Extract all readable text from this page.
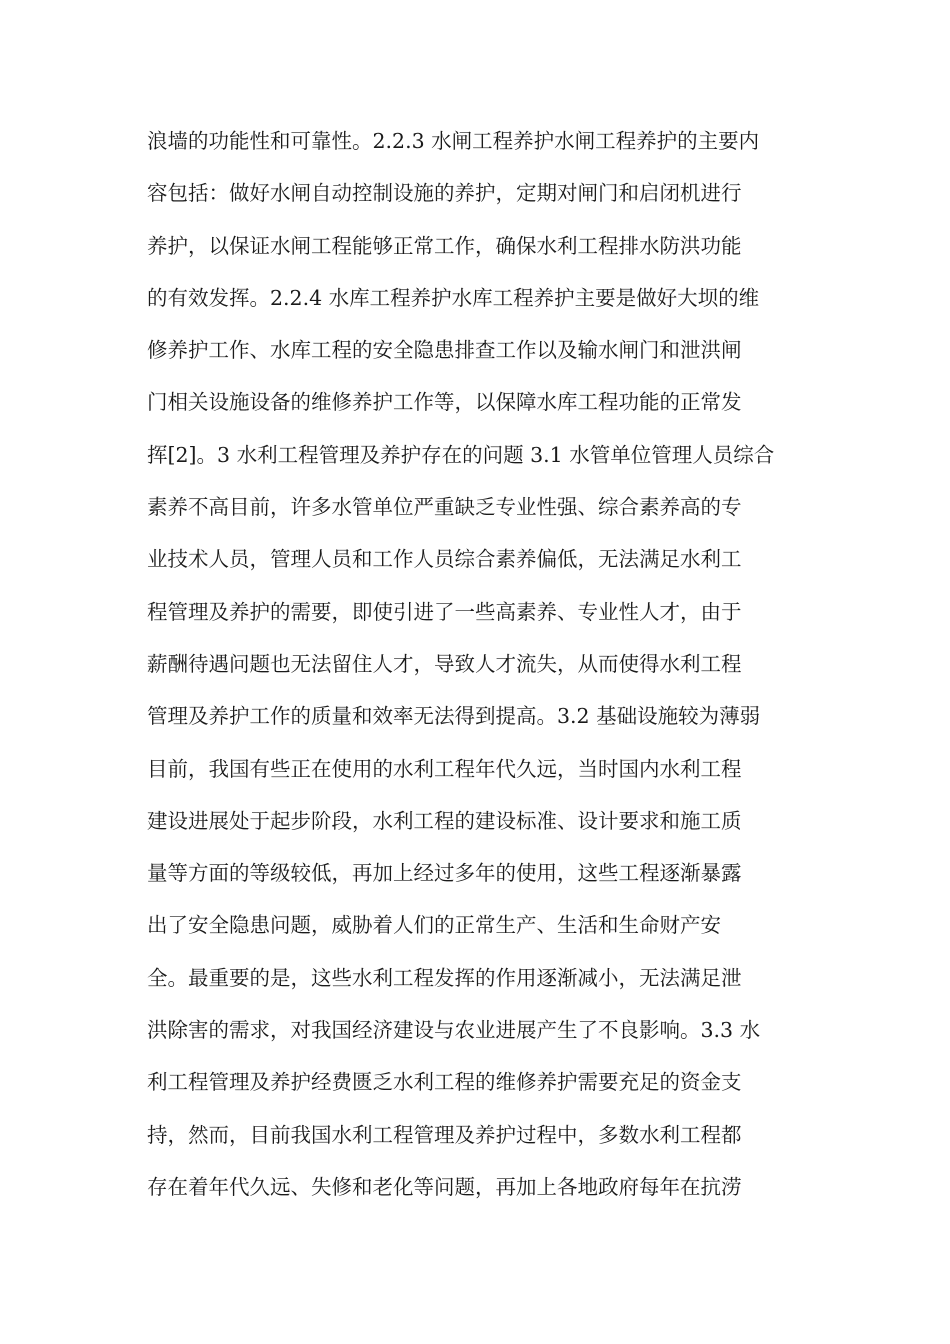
浪墙的功能性和可靠性。2.2.3 水闸工程养护水闸工程养护的主要内
容包括：做好水闸自动控制设施的养护，定期对闸门和启闭机进行
养护，以保证水闸工程能够正常工作，确保水利工程排水防洪功能
的有效发挥。2.2.4 水库工程养护水库工程养护主要是做好大坝的维
修养护工作、水库工程的安全隐患排查工作以及输水闸门和泄洪闸
门相关设施设备的维修养护工作等，以保障水库工程功能的正常发
挥[2]。3 水利工程管理及养护存在的问题 3.1 水管单位管理人员综合
素养不高目前，许多水管单位严重缺乏专业性强、综合素养高的专
业技术人员，管理人员和工作人员综合素养偏低，无法满足水利工
程管理及养护的需要，即使引进了一些高素养、专业性人才，由于
薪酬待遇问题也无法留住人才，导致人才流失，从而使得水利工程
管理及养护工作的质量和效率无法得到提高。3.2 基础设施较为薄弱
目前，我国有些正在使用的水利工程年代久远，当时国内水利工程
建设进展处于起步阶段，水利工程的建设标准、设计要求和施工质
量等方面的等级较低，再加上经过多年的使用，这些工程逐渐暴露
出了安全隐患问题，威胁着人们的正常生产、生活和生命财产安
全。最重要的是，这些水利工程发挥的作用逐渐减小，无法满足泄
洪除害的需求，对我国经济建设与农业进展产生了不良影响。3.3 水
利工程管理及养护经费匮乏水利工程的维修养护需要充足的资金支
持，然而，目前我国水利工程管理及养护过程中，多数水利工程都
存在着年代久远、失修和老化等问题，再加上各地政府每年在抗涝
